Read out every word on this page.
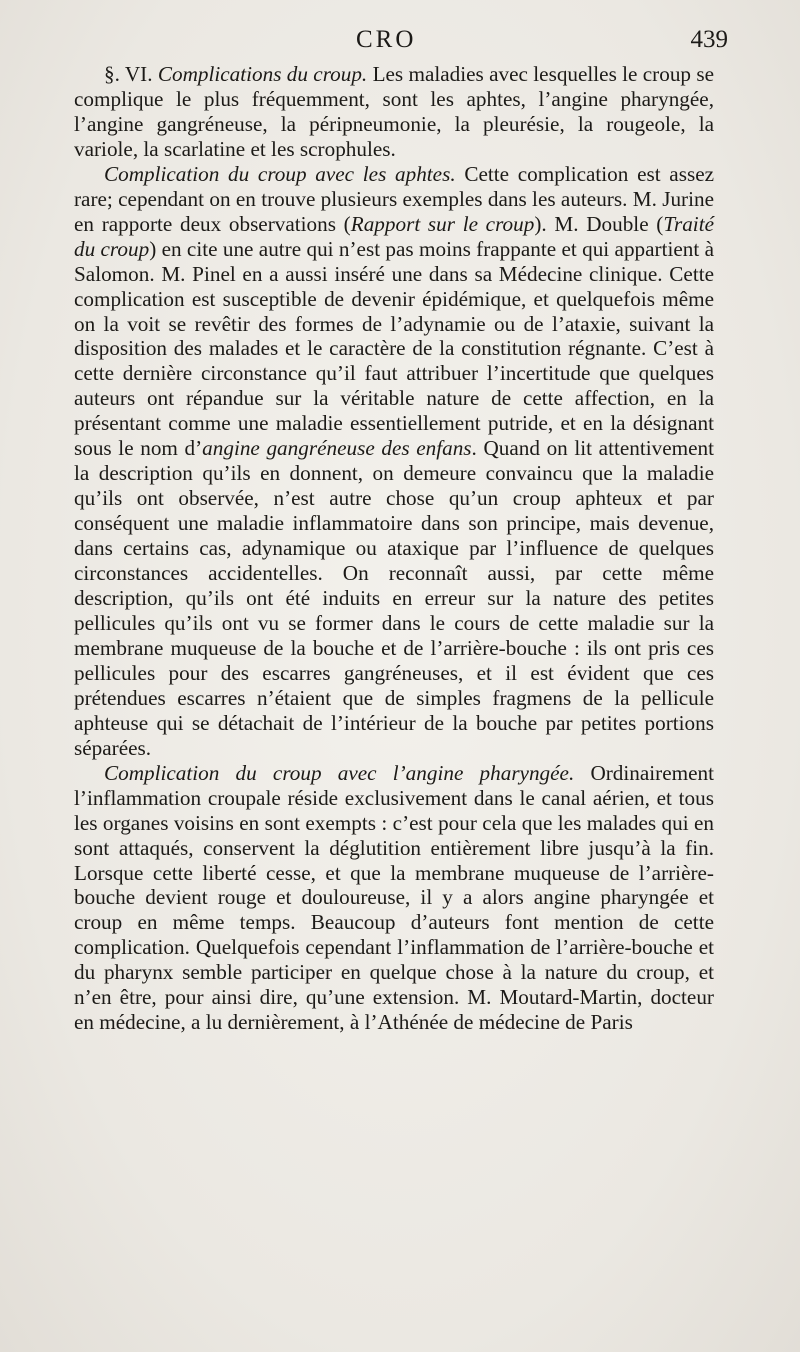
CRO	439

§. VI. Complications du croup. Les maladies avec lesquelles le croup se complique le plus fréquemment, sont les aphtes, l’angine pharyngée, l’angine gangréneuse, la péripneumonie, la pleurésie, la rougeole, la variole, la scarlatine et les scrophules.

Complication du croup avec les aphtes. Cette complication est assez rare; cependant on en trouve plusieurs exemples dans les auteurs. M. Jurine en rapporte deux observations (Rapport sur le croup). M. Double (Traité du croup) en cite une autre qui n’est pas moins frappante et qui appartient à Salomon. M. Pinel en a aussi inséré une dans sa Médecine clinique. Cette complication est susceptible de devenir épidémique, et quelquefois même on la voit se revêtir des formes de l’adynamie ou de l’ataxie, suivant la disposition des malades et le caractère de la constitution régnante. C’est à cette dernière circonstance qu’il faut attribuer l’incertitude que quelques auteurs ont répandue sur la véritable nature de cette affection, en la présentant comme une maladie essentiellement putride, et en la désignant sous le nom d’angine gangréneuse des enfans. Quand on lit attentivement la description qu’ils en donnent, on demeure convaincu que la maladie qu’ils ont observée, n’est autre chose qu’un croup aphteux et par conséquent une maladie inflammatoire dans son principe, mais devenue, dans certains cas, adynamique ou ataxique par l’influence de quelques circonstances accidentelles. On reconnaît aussi, par cette même description, qu’ils ont été induits en erreur sur la nature des petites pellicules qu’ils ont vu se former dans le cours de cette maladie sur la membrane muqueuse de la bouche et de l’arrière-bouche : ils ont pris ces pellicules pour des escarres gangréneuses, et il est évident que ces prétendues escarres n’étaient que de simples fragmens de la pellicule aphteuse qui se détachait de l’intérieur de la bouche par petites portions séparées.

Complication du croup avec l’angine pharyngée. Ordinairement l’inflammation croupale réside exclusivement dans le canal aérien, et tous les organes voisins en sont exempts : c’est pour cela que les malades qui en sont attaqués, conservent la déglutition entièrement libre jusqu’à la fin. Lorsque cette liberté cesse, et que la membrane muqueuse de l’arrière-bouche devient rouge et douloureuse, il y a alors angine pharyngée et croup en même temps. Beaucoup d’auteurs font mention de cette complication. Quelquefois cependant l’inflammation de l’arrière-bouche et du pharynx semble participer en quelque chose à la nature du croup, et n’en être, pour ainsi dire, qu’une extension. M. Moutard-Martin, docteur en médecine, a lu dernièrement, à l’Athénée de médecine de Paris
